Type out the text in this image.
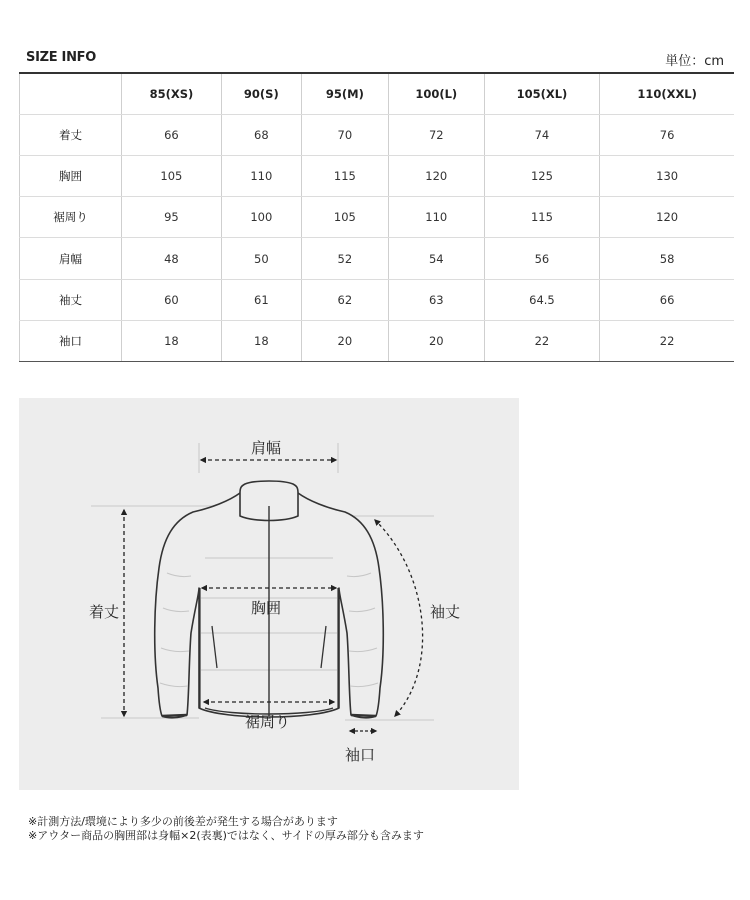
SIZE INFO	単位：cm
	85(XS)	90(S)	95(M)	100(L)	105(XL)	110(XXL)
着丈	66	68	70	72	74	76
胸囲	105	110	115	120	125	130
裾周り	95	100	105	110	115	120
肩幅	48	50	52	54	56	58
袖丈	60	61	62	63	64.5	66
袖口	18	18	20	20	22	22
肩幅
着丈	胸囲	袖丈
裾周り
袖口
※計測方法/環境により多少の前後差が発生する場合があります
※アウター商品の胸囲部は身幅×2(表裏)ではなく、サイドの厚み部分も含みます
